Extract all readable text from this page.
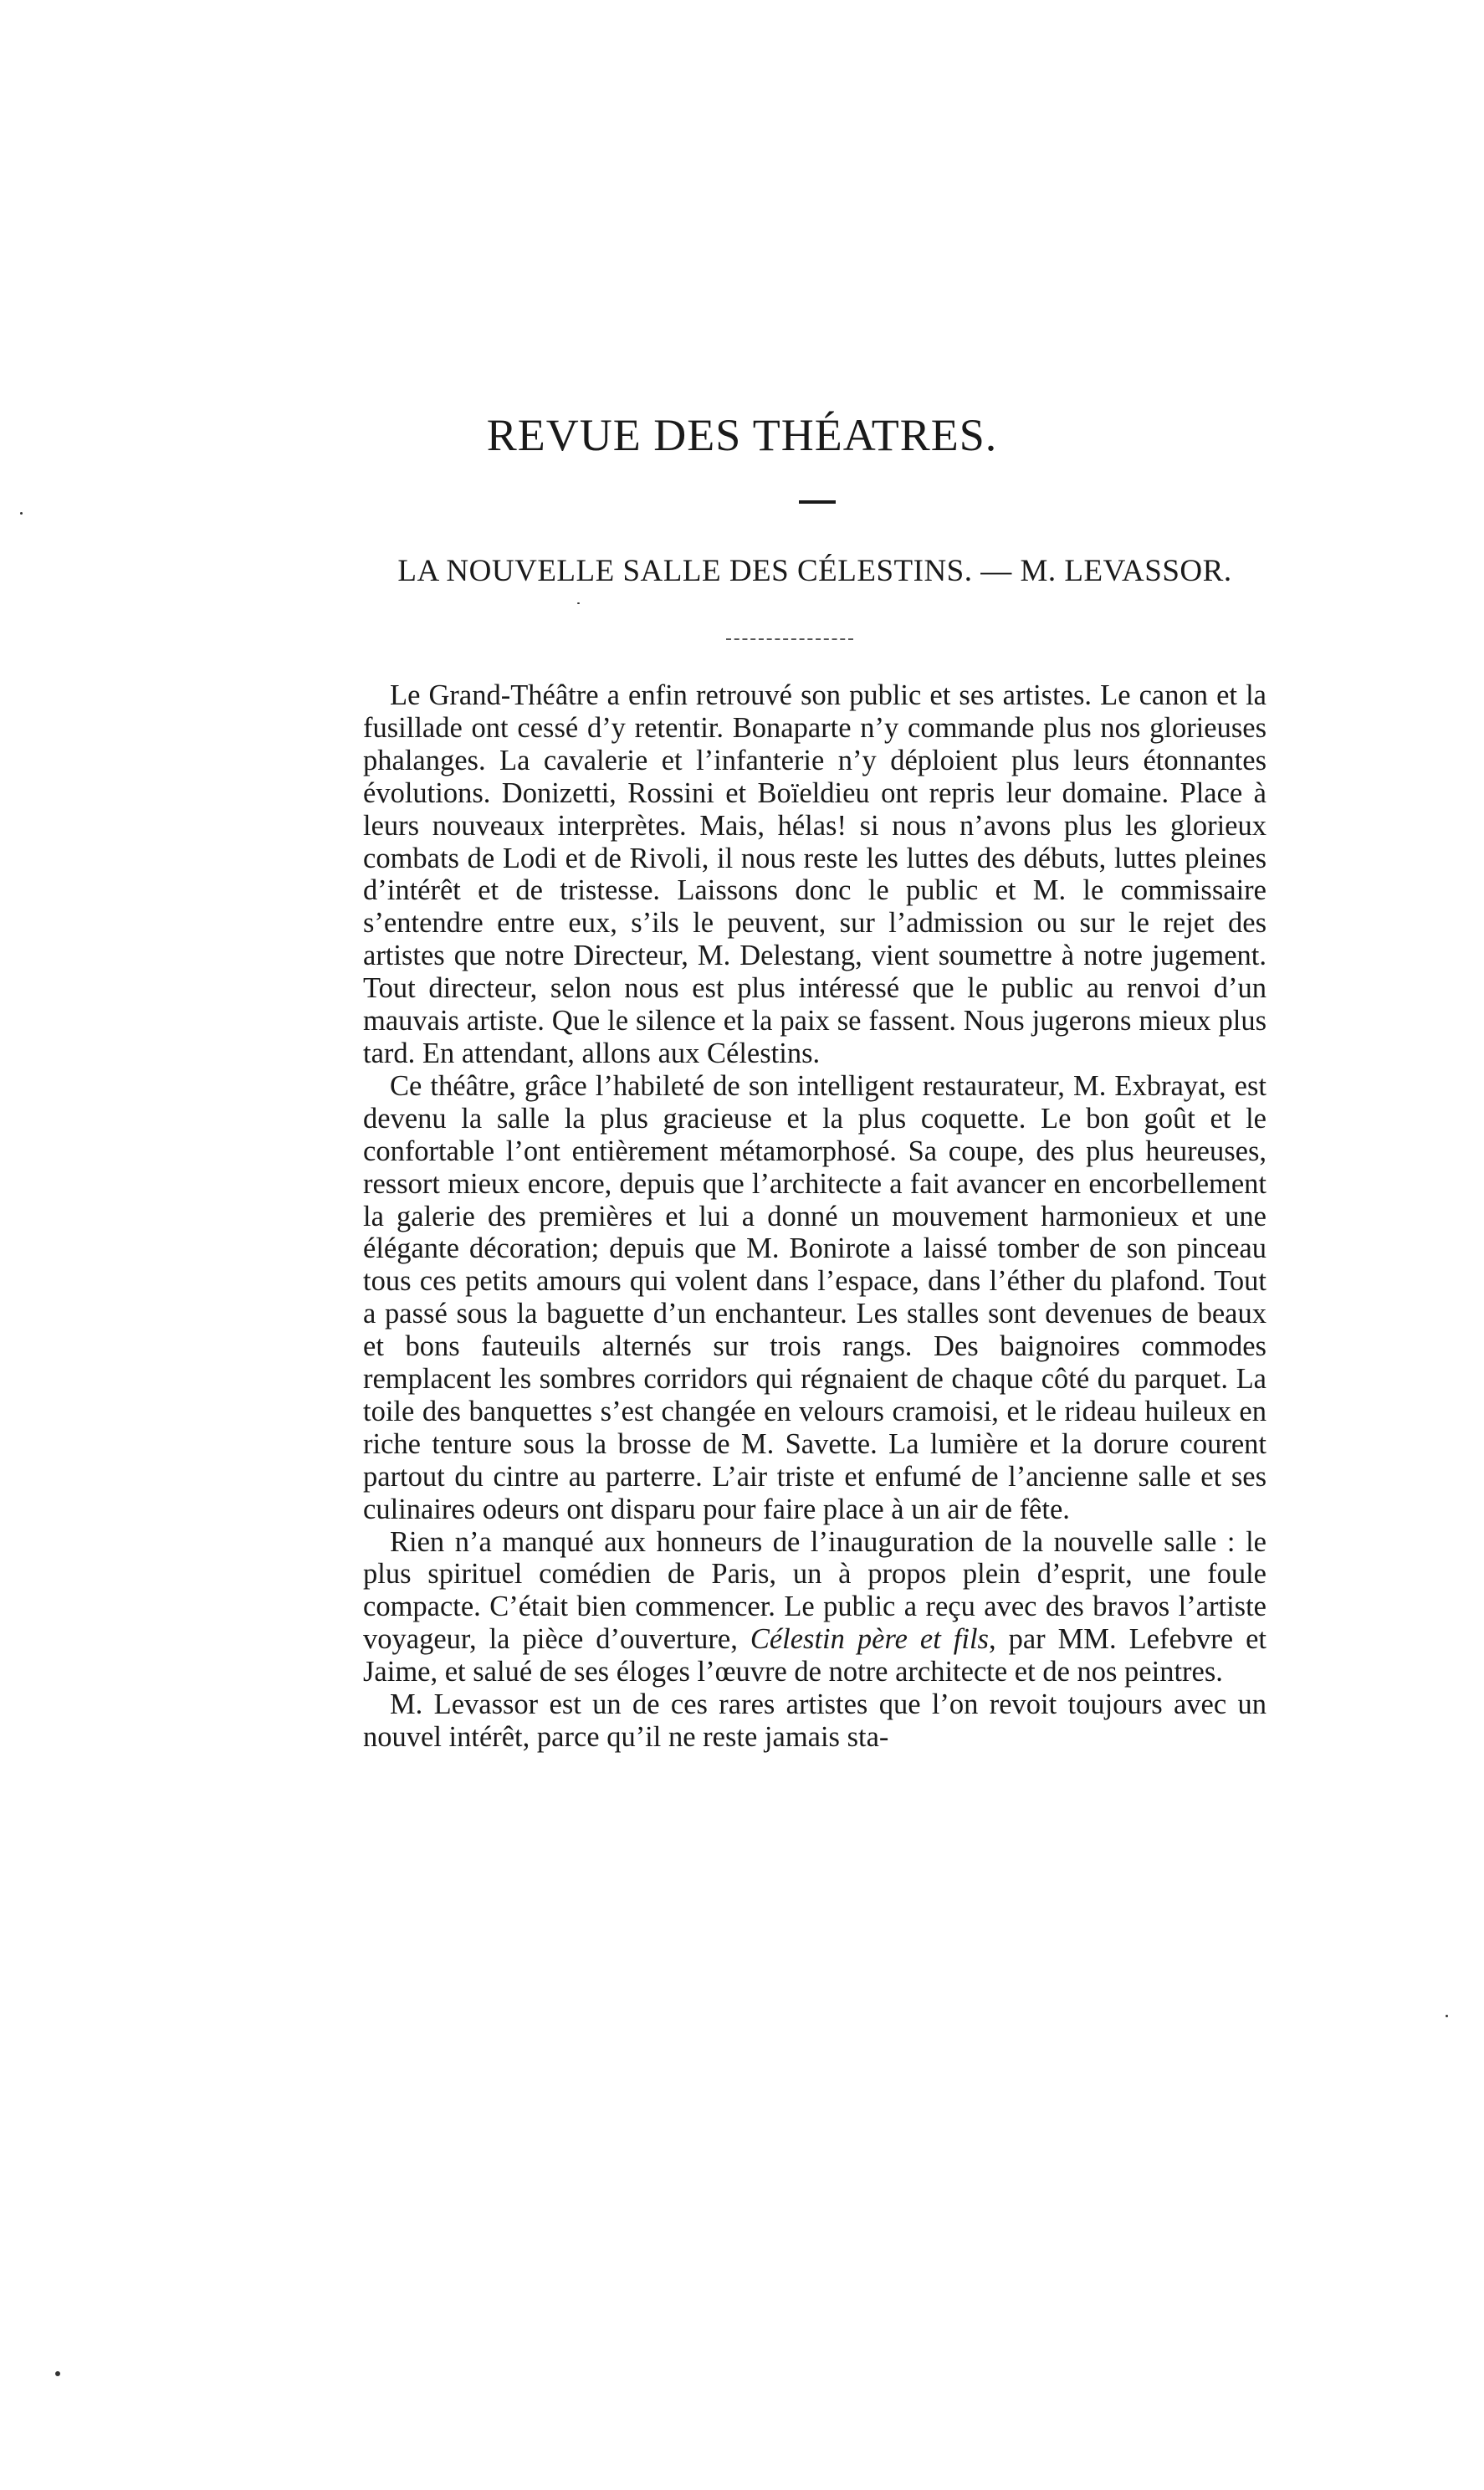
REVUE DES THÉATRES.
LA NOUVELLE SALLE DES CÉLESTINS. — M. LEVASSOR.

Le Grand-Théâtre a enfin retrouvé son public et ses artistes. Le canon et la fusillade ont cessé d’y retentir. Bonaparte n’y commande plus nos glorieuses phalanges. La cavalerie et l’infanterie n’y déploient plus leurs étonnantes évolutions. Donizetti, Rossini et Boïeldieu ont repris leur domaine. Place à leurs nouveaux interprètes. Mais, hélas! si nous n’avons plus les glorieux combats de Lodi et de Rivoli, il nous reste les luttes des débuts, luttes pleines d’intérêt et de tristesse. Laissons donc le public et M. le commissaire s’entendre entre eux, s’ils le peuvent, sur l’admission ou sur le rejet des artistes que notre Directeur, M. Delestang, vient soumettre à notre jugement. Tout directeur, selon nous est plus intéressé que le public au renvoi d’un mauvais artiste. Que le silence et la paix se fassent. Nous jugerons mieux plus tard. En attendant, allons aux Célestins.

Ce théâtre, grâce l’habileté de son intelligent restaurateur, M. Exbrayat, est devenu la salle la plus gracieuse et la plus coquette. Le bon goût et le confortable l’ont entièrement métamorphosé. Sa coupe, des plus heureuses, ressort mieux encore, depuis que l’architecte a fait avancer en encorbellement la galerie des premières et lui a donné un mouvement harmonieux et une élégante décoration; depuis que M. Bonirote a laissé tomber de son pinceau tous ces petits amours qui volent dans l’espace, dans l’éther du plafond. Tout a passé sous la baguette d’un enchanteur. Les stalles sont devenues de beaux et bons fauteuils alternés sur trois rangs. Des baignoires commodes remplacent les sombres corridors qui régnaient de chaque côté du parquet. La toile des banquettes s’est changée en velours cramoisi, et le rideau huileux en riche tenture sous la brosse de M. Savette. La lumière et la dorure courent partout du cintre au parterre. L’air triste et enfumé de l’ancienne salle et ses culinaires odeurs ont disparu pour faire place à un air de fête.

Rien n’a manqué aux honneurs de l’inauguration de la nouvelle salle : le plus spirituel comédien de Paris, un à propos plein d’esprit, une foule compacte. C’était bien commencer. Le public a reçu avec des bravos l’artiste voyageur, la pièce d’ouverture, Célestin père et fils, par MM. Lefebvre et Jaime, et salué de ses éloges l’œuvre de notre architecte et de nos peintres.

M. Levassor est un de ces rares artistes que l’on revoit toujours avec un nouvel intérêt, parce qu’il ne reste jamais sta-
